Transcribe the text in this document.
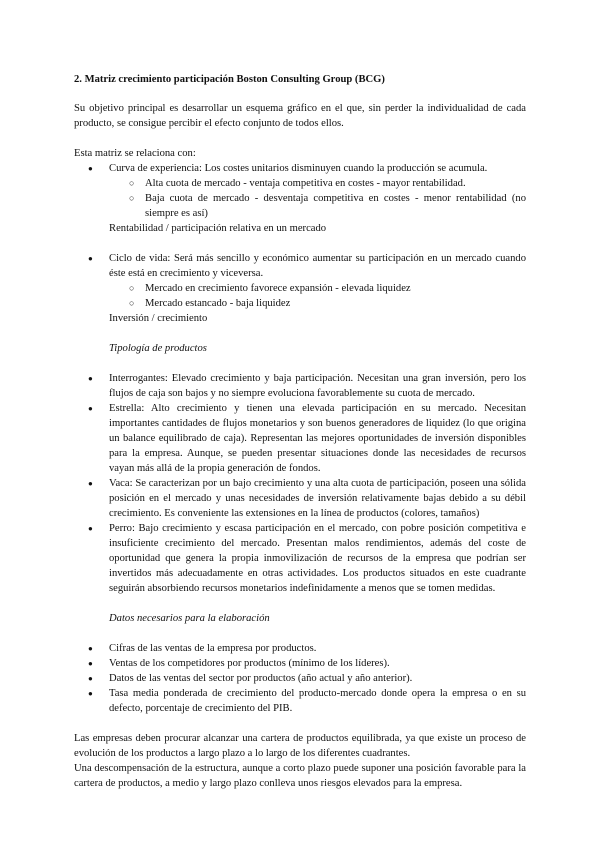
2. Matriz crecimiento participación Boston Consulting Group (BCG)

Su objetivo principal es desarrollar un esquema gráfico en el que, sin perder la individualidad de cada producto, se consigue percibir el efecto conjunto de todos ellos.

Esta matriz se relaciona con:

● Curva de experiencia: Los costes unitarios disminuyen cuando la producción se acumula.
○ Alta cuota de mercado - ventaja competitiva en costes - mayor rentabilidad.
○ Baja cuota de mercado - desventaja competitiva en costes - menor rentabilidad (no siempre es así)

Rentabilidad / participación relativa en un mercado

● Ciclo de vida: Será más sencillo y económico aumentar su participación en un mercado cuando éste está en crecimiento y viceversa.
○ Mercado en crecimiento favorece expansión - elevada liquidez
○ Mercado estancado - baja liquidez

Inversión / crecimiento

Tipología de productos

● Interrogantes: Elevado crecimiento y baja participación. Necesitan una gran inversión, pero los flujos de caja son bajos y no siempre evoluciona favorablemente su cuota de mercado.
● Estrella: Alto crecimiento y tienen una elevada participación en su mercado. Necesitan importantes cantidades de flujos monetarios y son buenos generadores de liquidez (lo que origina un balance equilibrado de caja). Representan las mejores oportunidades de inversión disponibles para la empresa. Aunque, se pueden presentar situaciones donde las necesidades de recursos vayan más allá de la propia generación de fondos.
● Vaca: Se caracterizan por un bajo crecimiento y una alta cuota de participación, poseen una sólida posición en el mercado y unas necesidades de inversión relativamente bajas debido a su débil crecimiento. Es conveniente las extensiones en la línea de productos (colores, tamaños)
● Perro: Bajo crecimiento y escasa participación en el mercado, con pobre posición competitiva e insuficiente crecimiento del mercado. Presentan malos rendimientos, además del coste de oportunidad que genera la propia inmovilización de recursos de la empresa que podrían ser invertidos más adecuadamente en otras actividades. Los productos situados en este cuadrante seguirán absorbiendo recursos monetarios indefinidamente a menos que se tomen medidas.

Datos necesarios para la elaboración

● Cifras de las ventas de la empresa por productos.
● Ventas de los competidores por productos (mínimo de los líderes).
● Datos de las ventas del sector por productos (año actual y año anterior).
● Tasa media ponderada de crecimiento del producto-mercado donde opera la empresa o en su defecto, porcentaje de crecimiento del PIB.

Las empresas deben procurar alcanzar una cartera de productos equilibrada, ya que existe un proceso de evolución de los productos a largo plazo a lo largo de los diferentes cuadrantes.

Una descompensación de la estructura, aunque a corto plazo puede suponer una posición favorable para la cartera de productos, a medio y largo plazo conlleva unos riesgos elevados para la empresa.
